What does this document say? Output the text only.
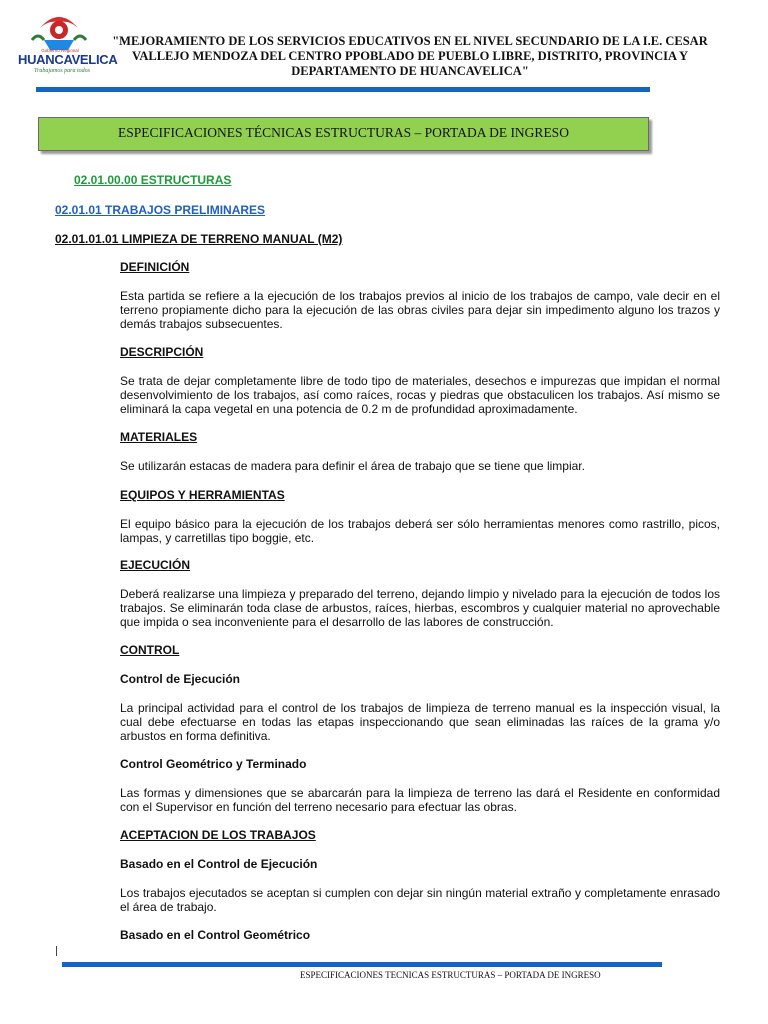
Gobierno Regional
HUANCAVELICA
Trabajamos para todos
"MEJORAMIENTO DE LOS SERVICIOS EDUCATIVOS EN EL NIVEL SECUNDARIO DE LA I.E. CESAR VALLEJO MENDOZA DEL CENTRO PPOBLADO DE PUEBLO LIBRE, DISTRITO, PROVINCIA Y DEPARTAMENTO DE HUANCAVELICA"
ESPECIFICACIONES TÉCNICAS ESTRUCTURAS – PORTADA DE INGRESO
02.01.00.00 ESTRUCTURAS
02.01.01 TRABAJOS PRELIMINARES
02.01.01.01 LIMPIEZA DE TERRENO MANUAL (M2)
DEFINICIÓN
Esta partida se refiere a la ejecución de los trabajos previos al inicio de los trabajos de campo, vale decir en el terreno propiamente dicho para la ejecución de las obras civiles para dejar sin impedimento alguno los trazos y demás trabajos subsecuentes.
DESCRIPCIÓN
Se trata de dejar completamente libre de todo tipo de materiales, desechos e impurezas que impidan el normal desenvolvimiento de los trabajos, así como raíces, rocas y piedras que obstaculicen los trabajos. Así mismo se eliminará la capa vegetal en una potencia de 0.2 m de profundidad aproximadamente.
MATERIALES
Se utilizarán estacas de madera para definir el área de trabajo que se tiene que limpiar.
EQUIPOS Y HERRAMIENTAS
El equipo básico para la ejecución de los trabajos deberá ser sólo herramientas menores como rastrillo, picos, lampas, y carretillas tipo boggie, etc.
EJECUCIÓN
Deberá realizarse una limpieza y preparado del terreno, dejando limpio y nivelado para la ejecución de todos los trabajos. Se eliminarán toda clase de arbustos, raíces, hierbas, escombros y cualquier material no aprovechable que impida o sea inconveniente para el desarrollo de las labores de construcción.
CONTROL
Control de Ejecución
La principal actividad para el control de los trabajos de limpieza de terreno manual es la inspección visual, la cual debe efectuarse en todas las etapas inspeccionando que sean eliminadas las raíces de la grama y/o arbustos en forma definitiva.
Control Geométrico y Terminado
Las formas y dimensiones que se abarcarán para la limpieza de terreno las dará el Residente en conformidad con el Supervisor en función del terreno necesario para efectuar las obras.
ACEPTACION DE LOS TRABAJOS
Basado en el Control de Ejecución
Los trabajos ejecutados se aceptan si cumplen con dejar sin ningún material extraño y completamente enrasado el área de trabajo.
Basado en el Control Geométrico
ESPECIFICACIONES TECNICAS ESTRUCTURAS – PORTADA DE INGRESO
